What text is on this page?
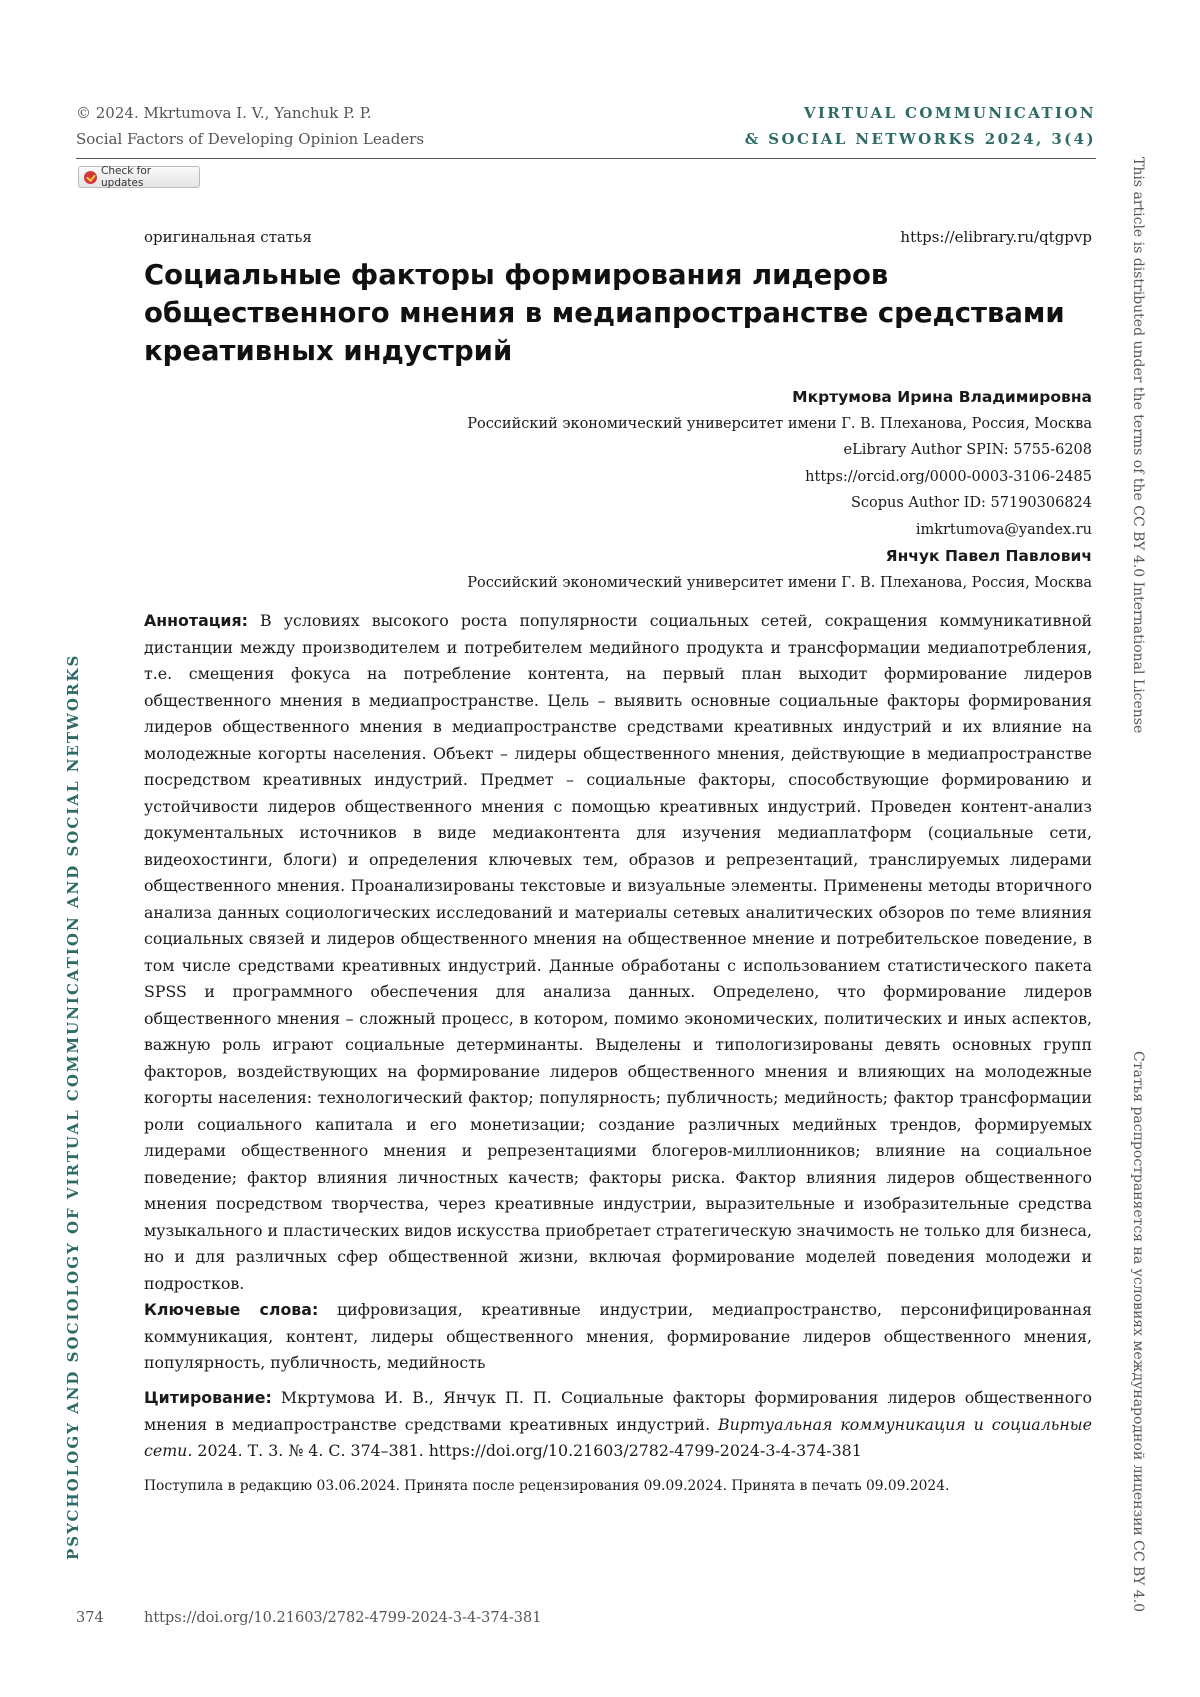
© 2024. Mkrtumova I. V., Yanchuk P. P.
Social Factors of Developing Opinion Leaders
VIRTUAL COMMUNICATION
& SOCIAL NETWORKS 2024, 3(4)
Check for updates
оригинальная статья	https://elibrary.ru/qtgpvp
Социальные факторы формирования лидеров общественного мнения в медиапространстве средствами креативных индустрий
Мкртумова Ирина Владимировна
Российский экономический университет имени Г. В. Плеханова, Россия, Москва
eLibrary Author SPIN: 5755-6208
https://orcid.org/0000-0003-3106-2485
Scopus Author ID: 57190306824
imkrtumova@yandex.ru
Янчук Павел Павлович
Российский экономический университет имени Г. В. Плеханова, Россия, Москва

Аннотация: В условиях высокого роста популярности социальных сетей, сокращения коммуникативной дистанции между производителем и потребителем медийного продукта и трансформации медиапотребления, т.е. смещения фокуса на потребление контента, на первый план выходит формирование лидеров общественного мнения в медиапространстве. Цель – выявить основные социальные факторы формирования лидеров общественного мнения в медиапространстве средствами креативных индустрий и их влияние на молодежные когорты населения. Объект – лидеры общественного мнения, действующие в медиапространстве посредством креативных индустрий. Предмет – социальные факторы, способствующие формированию и устойчивости лидеров общественного мнения с помощью креативных индустрий. Проведен контент-анализ документальных источников в виде медиаконтента для изучения медиаплатформ (социальные сети, видеохостинги, блоги) и определения ключевых тем, образов и репрезентаций, транслируемых лидерами общественного мнения. Проанализированы текстовые и визуальные элементы. Применены методы вторичного анализа данных социологических исследований и материалы сетевых аналитических обзоров по теме влияния социальных связей и лидеров общественного мнения на общественное мнение и потребительское поведение, в том числе средствами креативных индустрий. Данные обработаны с использованием статистического пакета SPSS и программного обеспечения для анализа данных. Определено, что формирование лидеров общественного мнения – сложный процесс, в котором, помимо экономических, политических и иных аспектов, важную роль играют социальные детерминанты. Выделены и типологизированы девять основных групп факторов, воздействующих на формирование лидеров общественного мнения и влияющих на молодежные когорты населения: технологический фактор; популярность; публичность; медийность; фактор трансформации роли социального капитала и его монетизации; создание различных медийных трендов, формируемых лидерами общественного мнения и репрезентациями блогеров-миллионников; влияние на социальное поведение; фактор влияния личностных качеств; факторы риска. Фактор влияния лидеров общественного мнения посредством творчества, через креативные индустрии, выразительные и изобразительные средства музыкального и пластических видов искусства приобретает стратегическую значимость не только для бизнеса, но и для различных сфер общественной жизни, включая формирование моделей поведения молодежи и подростков.

Ключевые слова: цифровизация, креативные индустрии, медиапространство, персонифицированная коммуникация, контент, лидеры общественного мнения, формирование лидеров общественного мнения, популярность, публичность, медийность

Цитирование: Мкртумова И. В., Янчук П. П. Социальные факторы формирования лидеров общественного мнения в медиапространстве средствами креативных индустрий. Виртуальная коммуникация и социальные сети. 2024. Т. 3. № 4. С. 374–381. https://doi.org/10.21603/2782-4799-2024-3-4-374-381
Поступила в редакцию 03.06.2024. Принята после рецензирования 09.09.2024. Принята в печать 09.09.2024.
374	https://doi.org/10.21603/2782-4799-2024-3-4-374-381
PSYCHOLOGY AND SOCIOLOGY OF VIRTUAL COMMUNICATION AND SOCIAL NETWORKS
This article is distributed under the terms of the CC BY 4.0 International License
Статья распространяется на условиях международной лицензии CC BY 4.0
